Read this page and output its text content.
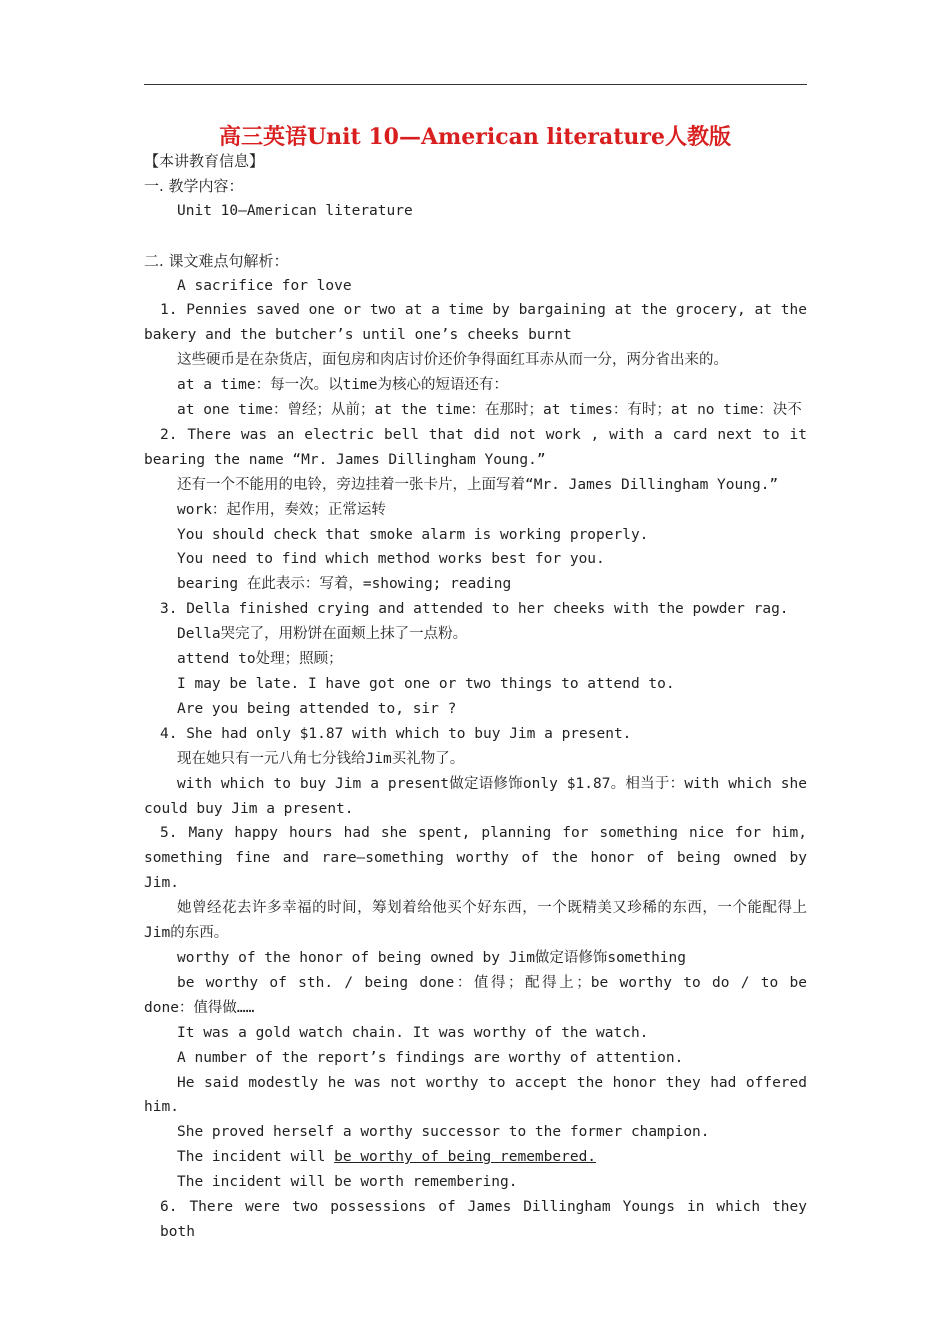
高三英语Unit 10—American literature人教版

【本讲教育信息】

一. 教学内容：

Unit 10—American literature

二. 课文难点句解析：

A sacrifice for love

1. Pennies saved one or two at a time by bargaining at the grocery, at the bakery and the butcher’s until one’s cheeks burnt

这些硬币是在杂货店，面包房和肉店讨价还价争得面红耳赤从而一分，两分省出来的。

at a time：每一次。以time为核心的短语还有：

at one time：曾经；从前；at the time：在那时；at times：有时；at no time：决不

2. There was an electric bell that did not work , with a card next to it bearing the name “Mr. James Dillingham Young.”

还有一个不能用的电铃，旁边挂着一张卡片，上面写着“Mr. James Dillingham Young.”

work：起作用，奏效；正常运转

You should check that smoke alarm is working properly.

You need to find which method works best for you.

bearing 在此表示：写着，=showing; reading

3. Della finished crying and attended to her cheeks with the powder rag.

Della哭完了，用粉饼在面颊上抹了一点粉。

attend to处理；照顾；

I may be late. I have got one or two things to attend to.

Are you being attended to, sir ?

4. She had only $1.87 with which to buy Jim a present.

现在她只有一元八角七分钱给Jim买礼物了。

with which to buy Jim a present做定语修饰only $1.87。相当于：with which she could buy Jim a present.

5. Many happy hours had she spent, planning for something nice for him, something fine and rare—something worthy of the honor of being owned by Jim.

她曾经花去许多幸福的时间，筹划着给他买个好东西，一个既精美又珍稀的东西，一个能配得上Jim的东西。

worthy of the honor of being owned by Jim做定语修饰something

be worthy of sth. / being done：值得；配得上；be worthy to do / to be done：值得做……

It was a gold watch chain. It was worthy of the watch.

A number of the report’s findings are worthy of attention.

He said modestly he was not worthy to accept the honor they had offered him.

She proved herself a worthy successor to the former champion.

The incident will be worthy of being remembered.

The incident will be worth remembering.

6. There were two possessions of James Dillingham Youngs in which they both
